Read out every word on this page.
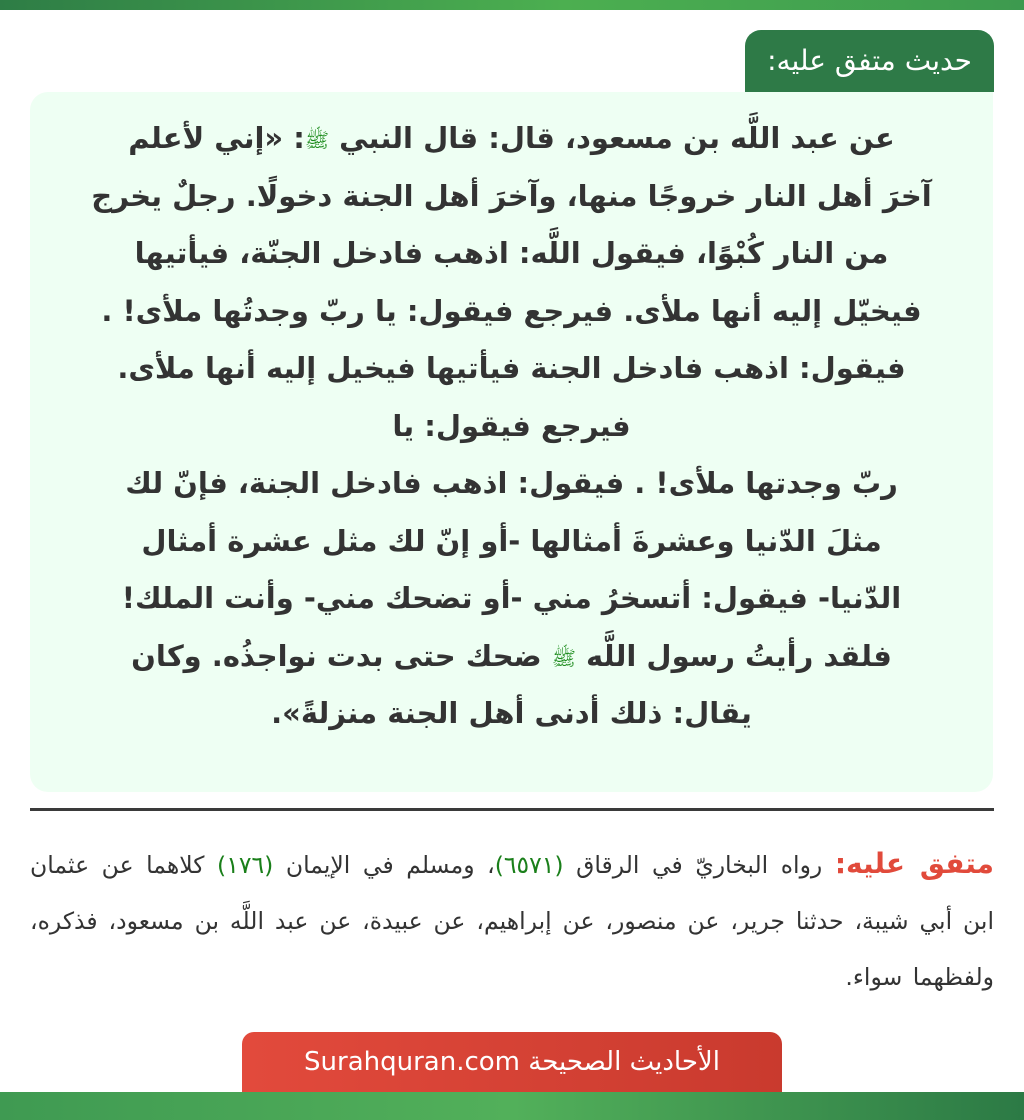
حديث متفق عليه:
عن عبد اللَّه بن مسعود، قال: قال النبي ﷺ: «إني لأعلم
آخرَ أهل النار خروجًا منها، وآخرَ أهل الجنة دخولًا. رجلٌ يخرج
من النار كُبْوًا، فيقول اللَّه: اذهب فادخل الجنّة، فيأتيها
فيخيّل إليه أنها ملأى. فيرجع فيقول: يا ربّ وجدتُها ملأى! .
فيقول: اذهب فادخل الجنة فيأتيها فيخيل إليه أنها ملأى.
فيرجع فيقول: يا
ربّ وجدتها ملأى! . فيقول: اذهب فادخل الجنة، فإنّ لك
مثلَ الدّنيا وعشرةَ أمثالها -أو إنّ لك مثل عشرة أمثال
الدّنيا- فيقول: أتسخرُ مني -أو تضحك مني- وأنت الملك!
فلقد رأيتُ رسول اللَّه ﷺ ضحك حتى بدت نواجذُه. وكان
يقال: ذلك أدنى أهل الجنة منزلةً».
متفق عليه: رواه البخاريّ في الرقاق (٦٥٧١)، ومسلم في الإيمان (١٧٦) كلاهما عن عثمان ابن أبي شيبة، حدثنا جرير، عن منصور، عن إبراهيم، عن عبيدة، عن عبد اللَّه بن مسعود، فذكره، ولفظهما سواء.
الأحاديث الصحيحة Surahquran.com
